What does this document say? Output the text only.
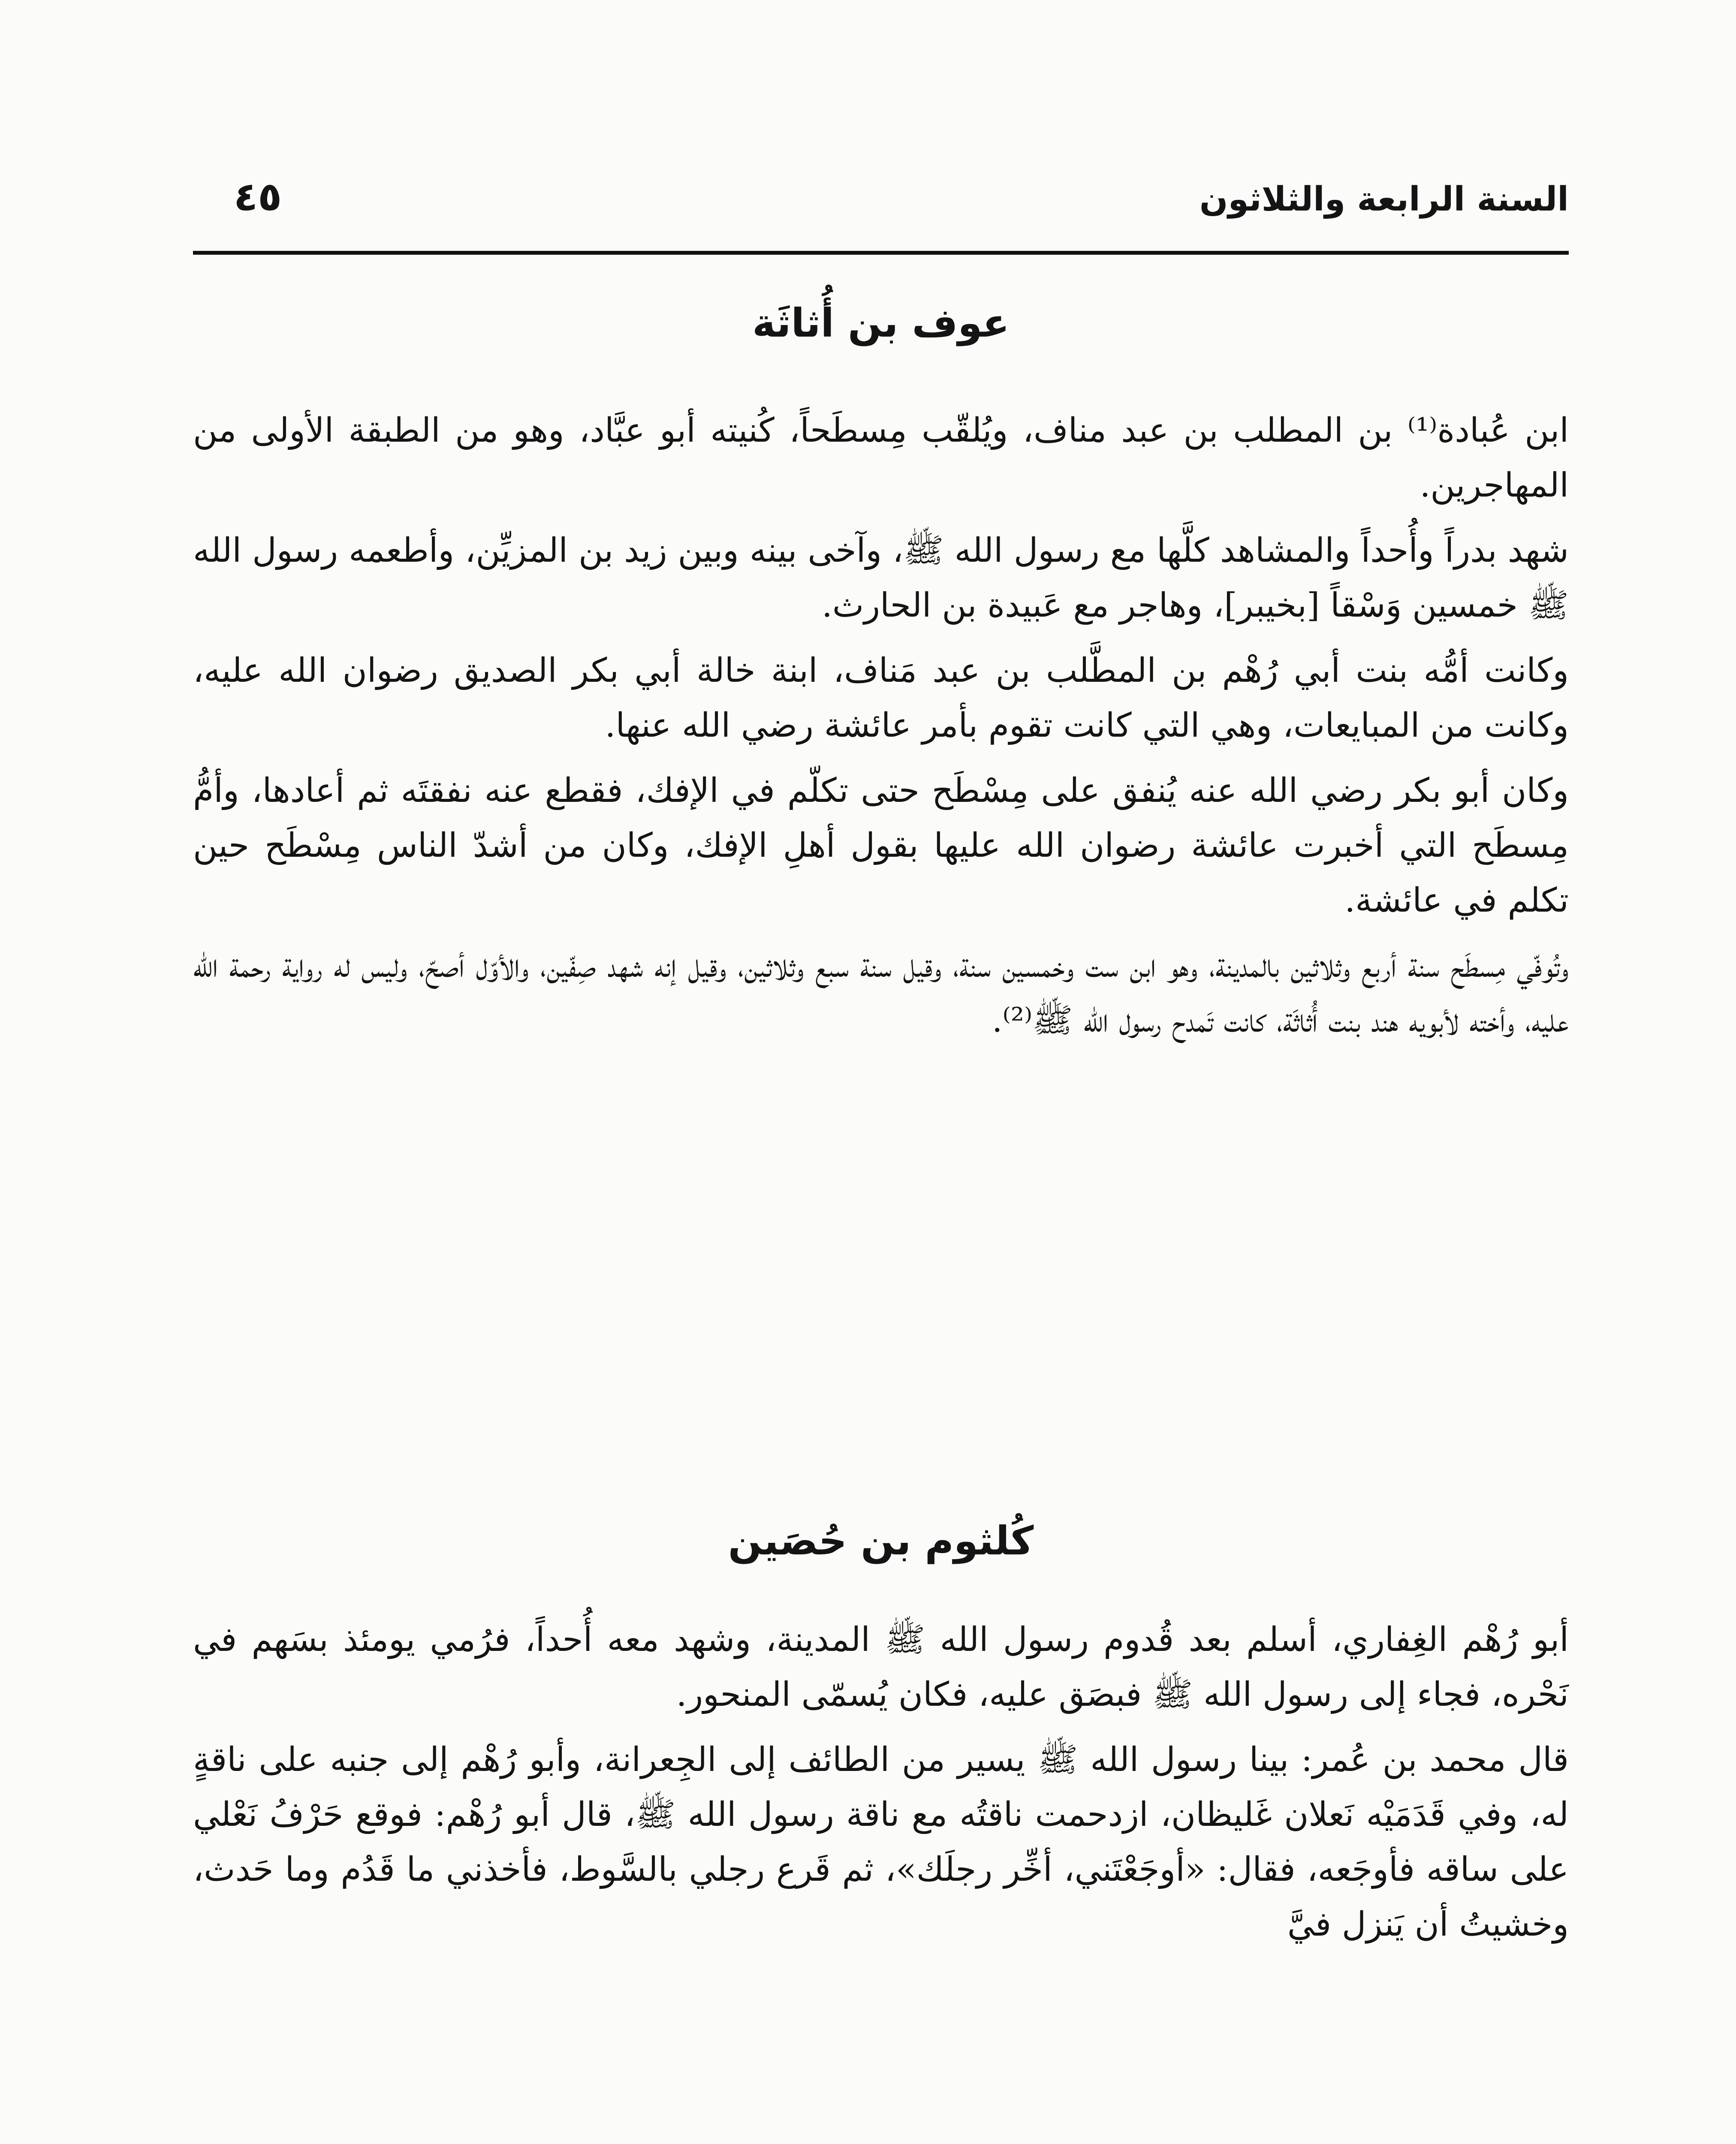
السنة الرابعة والثلاثون
٤٥
عوف بن أُثاثَة

ابن عُبادة⁽¹⁾ بن المطلب بن عبد مناف، ويُلقّب مِسطَحاً، كُنيته أبو عبَّاد، وهو من الطبقة الأولى من المهاجرين.

شهد بدراً وأُحداً والمشاهد كلَّها مع رسول الله ﷺ، وآخى بينه وبين زيد بن المزيِّن، وأطعمه رسول الله ﷺ خمسين وَسْقاً [بخيبر]، وهاجر مع عَبيدة بن الحارث.

وكانت أمُّه بنت أبي رُهْم بن المطَّلب بن عبد مَناف، ابنة خالة أبي بكر الصديق رضوان الله عليه، وكانت من المبايعات، وهي التي كانت تقوم بأمر عائشة رضي الله عنها.

وكان أبو بكر رضي الله عنه يُنفق على مِسْطَح حتى تكلّم في الإفك، فقطع عنه نفقتَه ثم أعادها، وأمُّ مِسطَح التي أخبرت عائشة رضوان الله عليها بقول أهلِ الإفك، وكان من أشدّ الناس مِسْطَح حين تكلم في عائشة.

وتُوفّي مِسطَح سنة أربع وثلاثين بالمدينة، وهو ابن ست وخمسين سنة، وقيل سنة سبع وثلاثين، وقيل إنه شهد صِفّين، والأوّل أصحّ، وليس له رواية رحمة الله عليه، وأخته لأبويه هند بنت أُثاثَة، كانت تَمدح رسول الله ﷺ⁽²⁾.

كُلثوم بن حُصَين

أبو رُهْم الغِفاري، أسلم بعد قُدوم رسول الله ﷺ المدينة، وشهد معه أُحداً، فرُمي يومئذ بسَهم في نَحْره، فجاء إلى رسول الله ﷺ فبصَق عليه، فكان يُسمّى المنحور.

قال محمد بن عُمر: بينا رسول الله ﷺ يسير من الطائف إلى الجِعرانة، وأبو رُهْم إلى جنبه على ناقةٍ له، وفي قَدَمَيْه نَعلان غَليظان، ازدحمت ناقتُه مع ناقة رسول الله ﷺ، قال أبو رُهْم: فوقع حَرْفُ نَعْلي على ساقه فأوجَعه، فقال: «أوجَعْتَني، أخِّر رجلَك»، ثم قَرع رجلي بالسَّوط، فأخذني ما قَدُم وما حَدث، وخشيتُ أن يَنزل فيَّ
